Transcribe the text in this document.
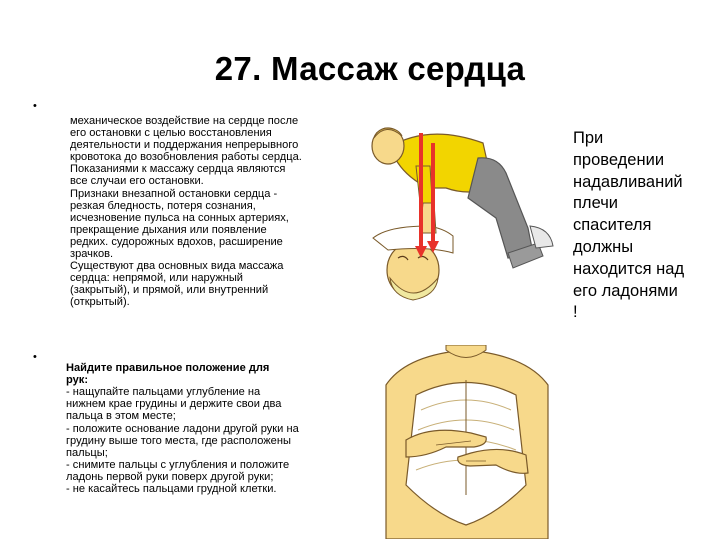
27. Массаж сердца
•
механическое воздействие на сердце после
его остановки с целью восстановления
деятельности и поддержания непрерывного
кровотока до возобновления работы сердца.
Показаниями к массажу сердца являются
все случаи его остановки.
Признаки внезапной остановки сердца -
резкая бледность, потеря сознания,
исчезновение пульса на сонных артериях,
прекращение дыхания или появление
редких. судорожных вдохов, расширение
зрачков.
Существуют два основных вида массажа
сердца: непрямой, или наружный
(закрытый), и прямой, или внутренний
(открытый).
•

Найдите правильное положение для
рук:

- нащупайте пальцами углубление на
нижнем крае грудины и держите свои два
пальца в этом месте;
- положите основание ладони другой руки на
грудину выше того места, где расположены
пальцы;
- снимите пальцы с углубления и положите
ладонь первой руки поверх другой руки;
- не касайтесь пальцами грудной клетки.

При
проведении
надавливаний
плечи
спасителя
должны
находится над
его ладонями
!
